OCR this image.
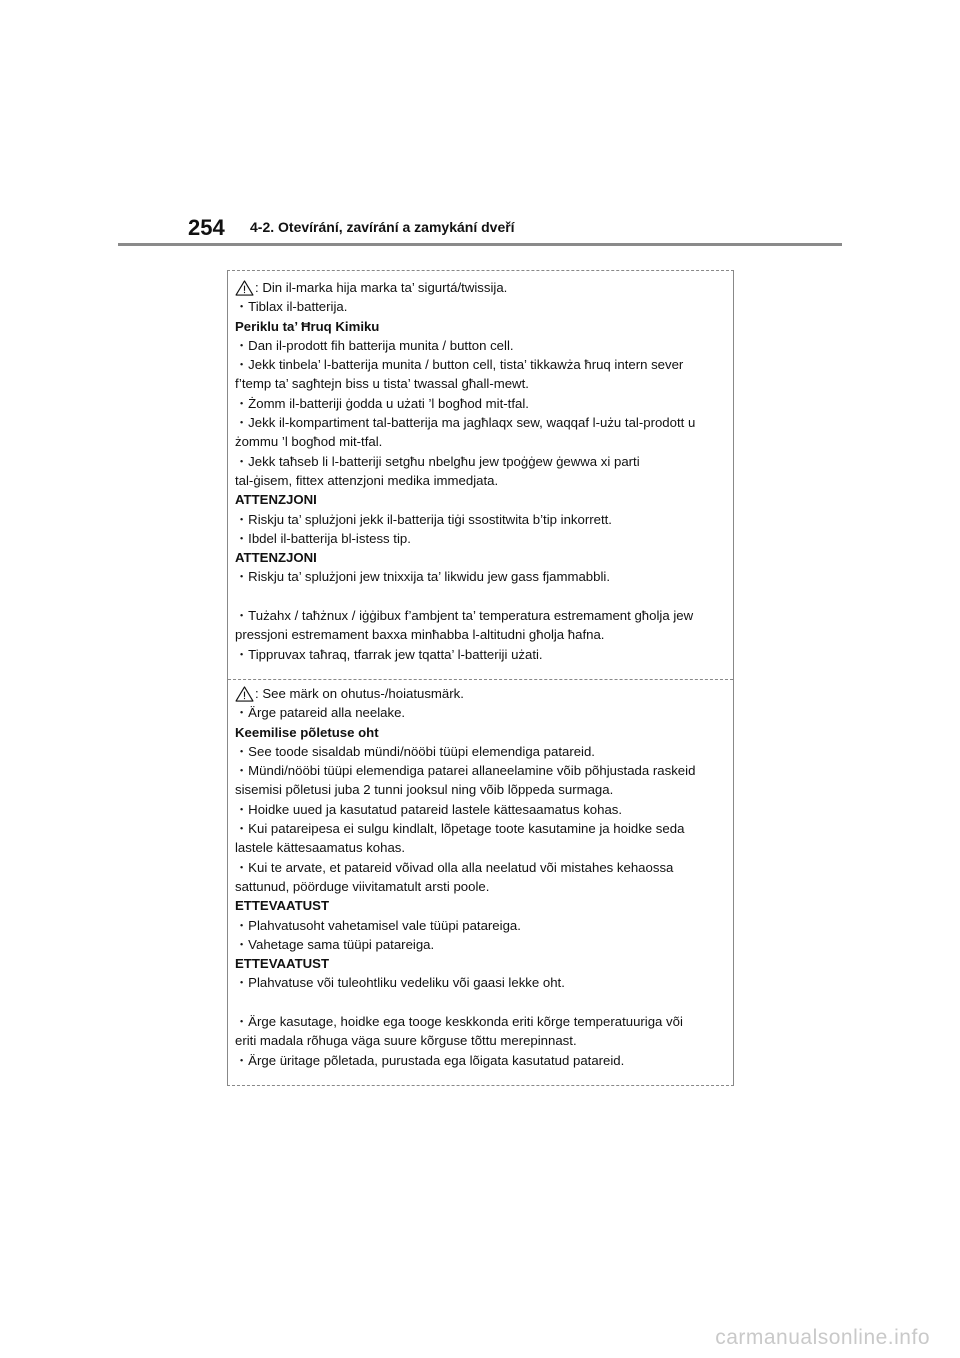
254 4-2. Otevírání, zavírání a zamykání dveří
: Din il-marka hija marka ta’ sigurtá/twissija.
・Tiblax il-batterija.
Periklu ta’ Ħruq Kimiku
・Dan il-prodott fih batterija munita / button cell.
・Jekk tinbela’ l-batterija munita / button cell, tista’ tikkawża ħruq intern sever
f’temp ta’ sagħtejn biss u tista’ twassal għall-mewt.
・Żomm il-batteriji ġodda u użati ’l bogħod mit-tfal.
・Jekk il-kompartiment tal-batterija ma jagħlaqx sew, waqqaf l-użu tal-prodott u
żommu ’l bogħod mit-tfal.
・Jekk taħseb li l-batteriji setgħu nbelgħu jew tpoġġew ġewwa xi parti
tal-ġisem, fittex attenzjoni medika immedjata.
ATTENZJONI
・Riskju ta’ splużjoni jekk il-batterija tiġi ssostitwita b’tip inkorrett.
・Ibdel il-batterija bl-istess tip.
ATTENZJONI
・Riskju ta’ splużjoni jew tnixxija ta’ likwidu jew gass fjammabbli.
・Tużahx / taħżnux / iġġibux f’ambjent ta’ temperatura estremament għolja jew
pressjoni estremament baxxa minħabba l-altitudni għolja ħafna.
・Tippruvax taħraq, tfarrak jew tqatta’ l-batteriji użati.
: See märk on ohutus-/hoiatusmärk.
・Ärge patareid alla neelake.
Keemilise põletuse oht
・See toode sisaldab mündi/nööbi tüüpi elemendiga patareid.
・Mündi/nööbi tüüpi elemendiga patarei allaneelamine võib põhjustada raskeid
sisemisi põletusi juba 2 tunni jooksul ning võib lõppeda surmaga.
・Hoidke uued ja kasutatud patareid lastele kättesaamatus kohas.
・Kui patareipesa ei sulgu kindlalt, lõpetage toote kasutamine ja hoidke seda
lastele kättesaamatus kohas.
・Kui te arvate, et patareid võivad olla alla neelatud või mistahes kehaossa
sattunud, pöörduge viivitamatult arsti poole.
ETTEVAATUST
・Plahvatusoht vahetamisel vale tüüpi patareiga.
・Vahetage sama tüüpi patareiga.
ETTEVAATUST
・Plahvatuse või tuleohtliku vedeliku või gaasi lekke oht.
・Ärge kasutage, hoidke ega tooge keskkonda eriti kõrge temperatuuriga või
eriti madala rõhuga väga suure kõrguse tõttu merepinnast.
・Ärge üritage põletada, purustada ega lõigata kasutatud patareid.
carmanualsonline.info
